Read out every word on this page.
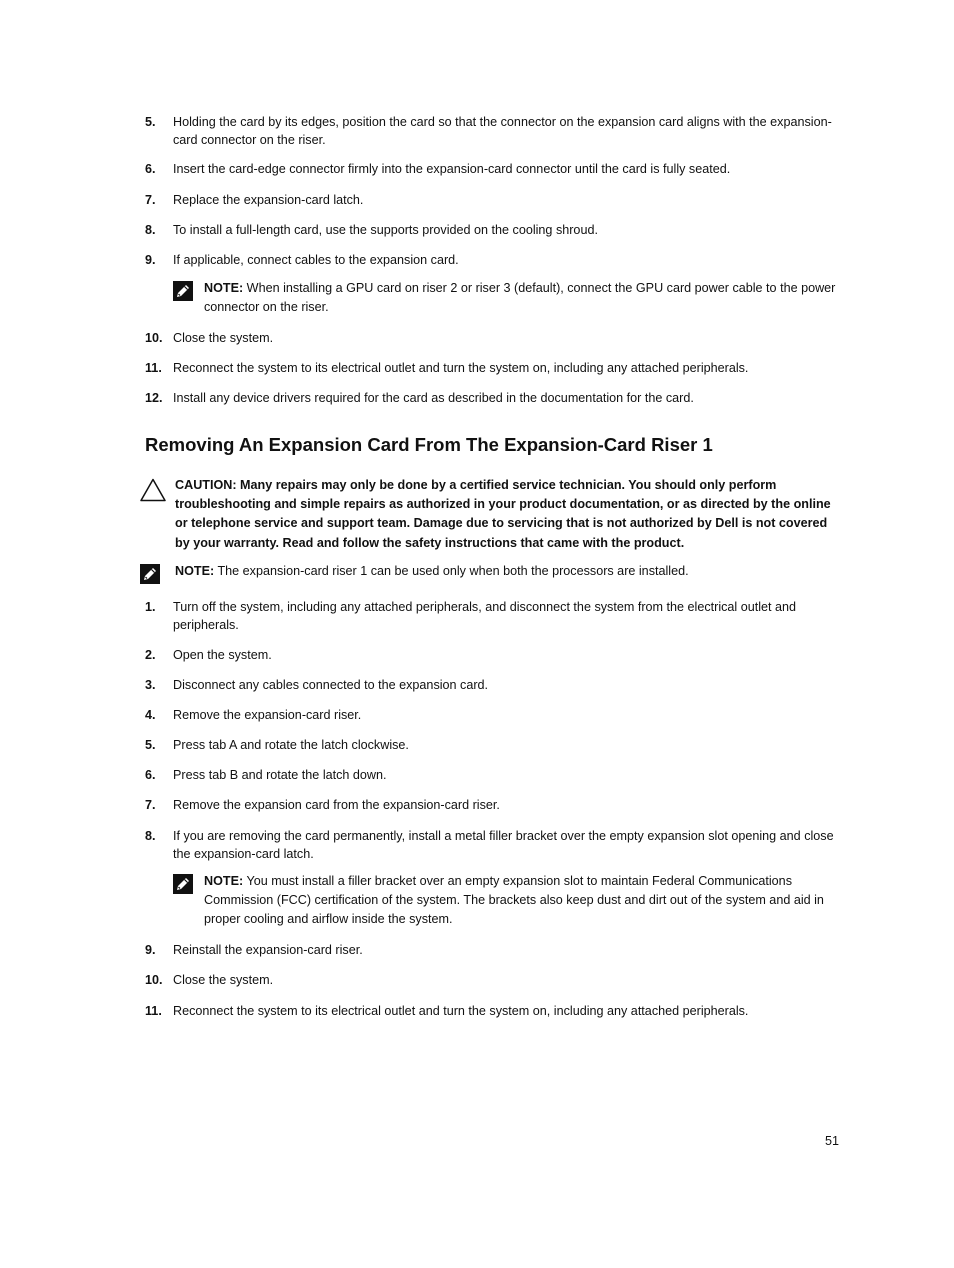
5. Holding the card by its edges, position the card so that the connector on the expansion card aligns with the expansion-card connector on the riser.
6. Insert the card-edge connector firmly into the expansion-card connector until the card is fully seated.
7. Replace the expansion-card latch.
8. To install a full-length card, use the supports provided on the cooling shroud.
9. If applicable, connect cables to the expansion card.
NOTE: When installing a GPU card on riser 2 or riser 3 (default), connect the GPU card power cable to the power connector on the riser.
10. Close the system.
11. Reconnect the system to its electrical outlet and turn the system on, including any attached peripherals.
12. Install any device drivers required for the card as described in the documentation for the card.
Removing An Expansion Card From The Expansion-Card Riser 1
CAUTION: Many repairs may only be done by a certified service technician. You should only perform troubleshooting and simple repairs as authorized in your product documentation, or as directed by the online or telephone service and support team. Damage due to servicing that is not authorized by Dell is not covered by your warranty. Read and follow the safety instructions that came with the product.
NOTE: The expansion-card riser 1 can be used only when both the processors are installed.
1. Turn off the system, including any attached peripherals, and disconnect the system from the electrical outlet and peripherals.
2. Open the system.
3. Disconnect any cables connected to the expansion card.
4. Remove the expansion-card riser.
5. Press tab A and rotate the latch clockwise.
6. Press tab B and rotate the latch down.
7. Remove the expansion card from the expansion-card riser.
8. If you are removing the card permanently, install a metal filler bracket over the empty expansion slot opening and close the expansion-card latch.
NOTE: You must install a filler bracket over an empty expansion slot to maintain Federal Communications Commission (FCC) certification of the system. The brackets also keep dust and dirt out of the system and aid in proper cooling and airflow inside the system.
9. Reinstall the expansion-card riser.
10. Close the system.
11. Reconnect the system to its electrical outlet and turn the system on, including any attached peripherals.
51
